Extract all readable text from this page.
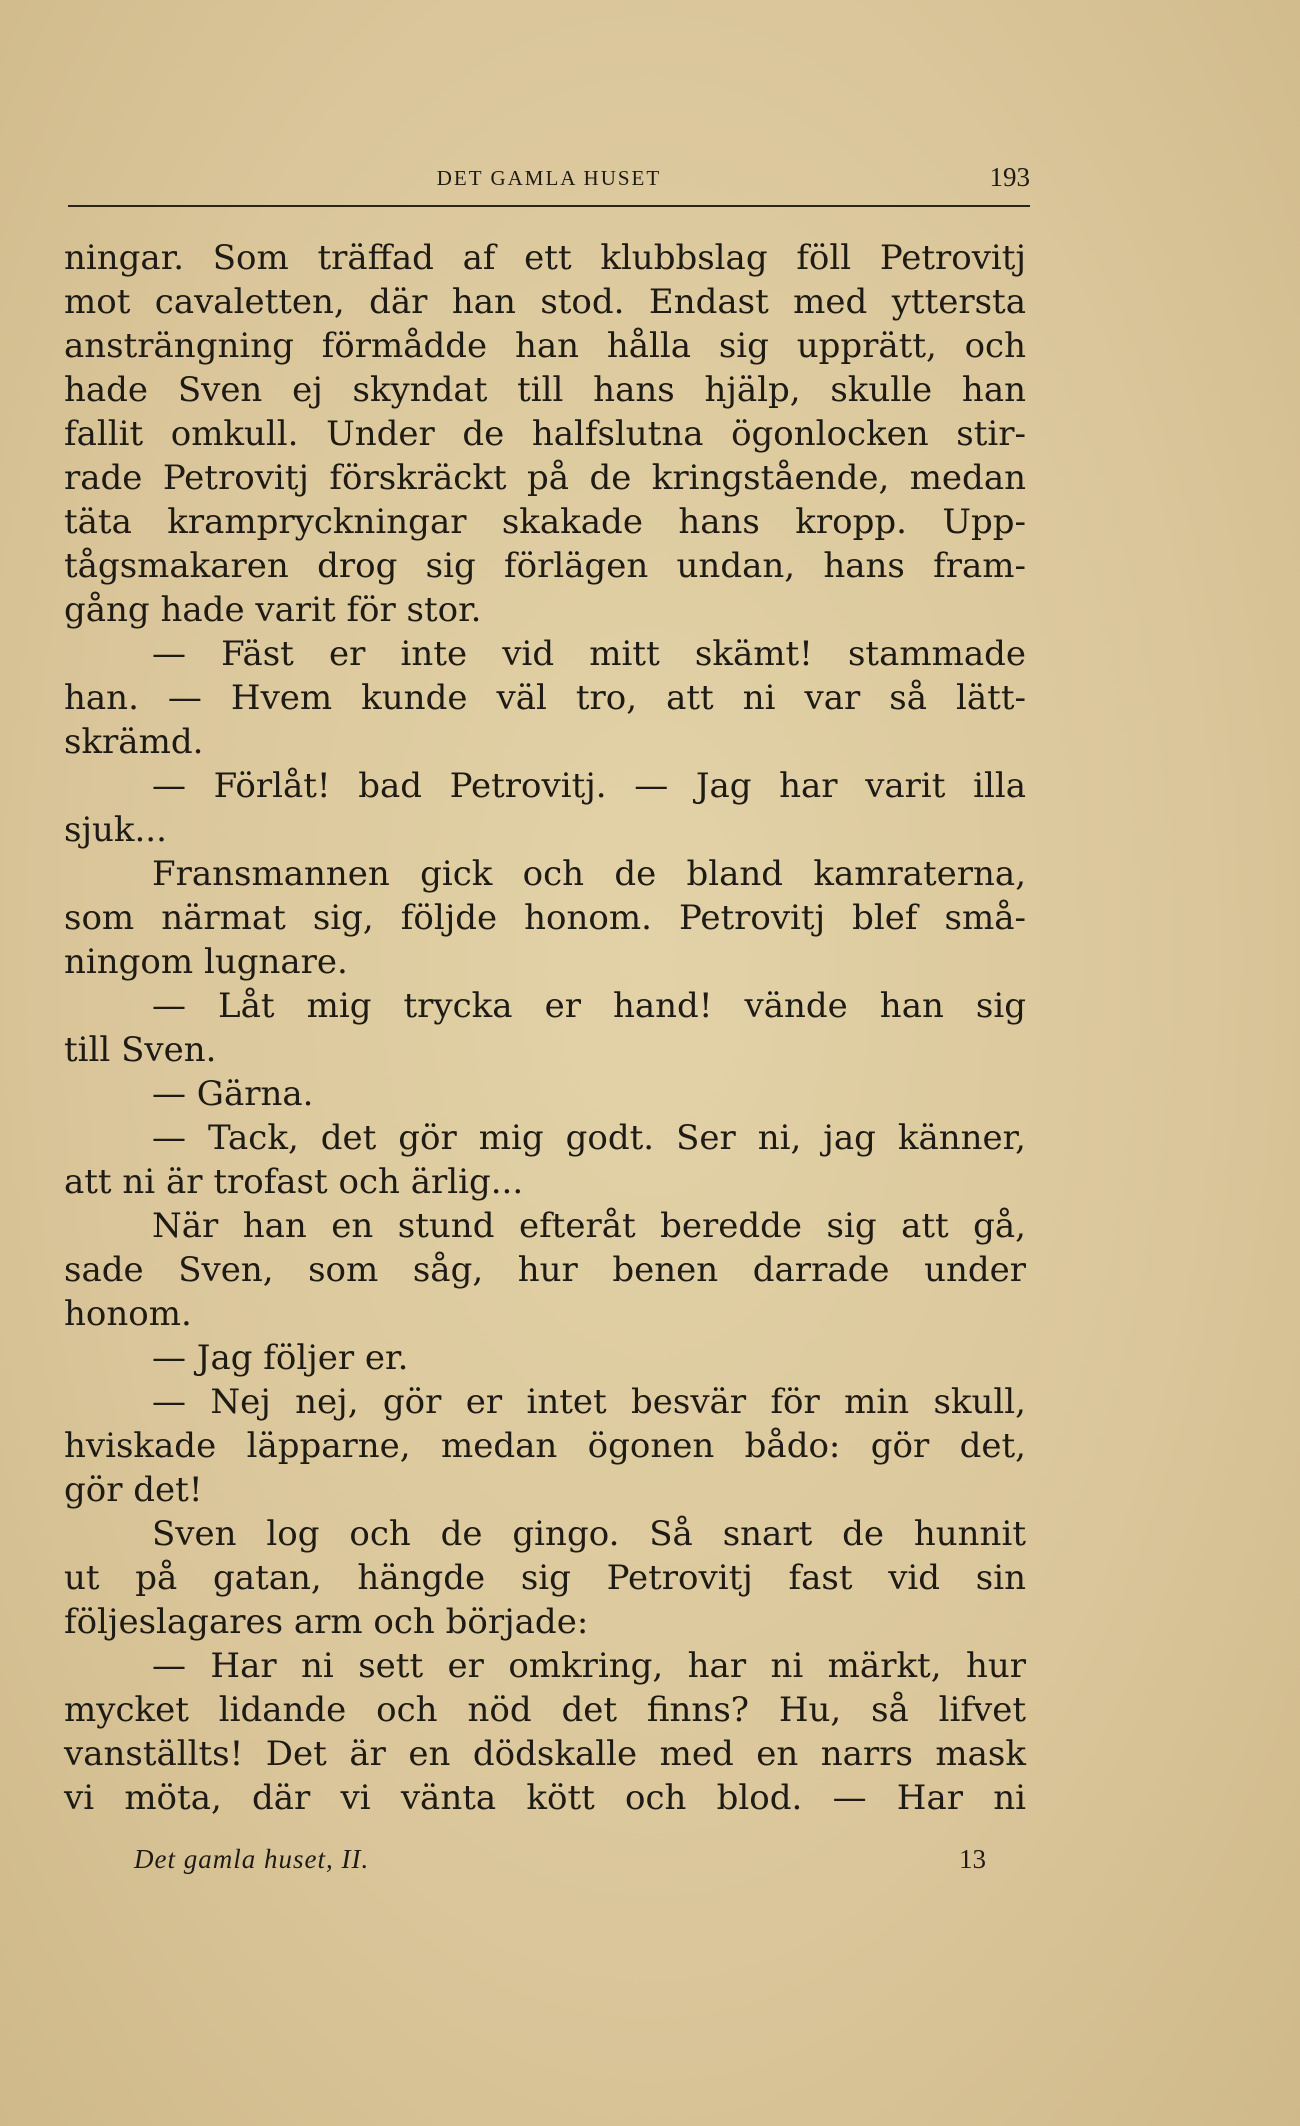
DET GAMLA HUSET	193
ningar. Som träffad af ett klubbslag föll Petrovitj
mot cavaletten, där han stod. Endast med yttersta
ansträngning förmådde han hålla sig upprätt, och
hade Sven ej skyndat till hans hjälp, skulle han
fallit omkull. Under de halfslutna ögonlocken stir-
rade Petrovitj förskräckt på de kringstående, medan
täta krampryckningar skakade hans kropp. Upp-
tågsmakaren drog sig förlägen undan, hans fram-
gång hade varit för stor.
— Fäst er inte vid mitt skämt! stammade
han. — Hvem kunde väl tro, att ni var så lätt-
skrämd.
— Förlåt! bad Petrovitj. — Jag har varit illa
sjuk...
Fransmannen gick och de bland kamraterna,
som närmat sig, följde honom. Petrovitj blef små-
ningom lugnare.
— Låt mig trycka er hand! vände han sig
till Sven.
— Gärna.
— Tack, det gör mig godt. Ser ni, jag känner,
att ni är trofast och ärlig...
När han en stund efteråt beredde sig att gå,
sade Sven, som såg, hur benen darrade under
honom.
— Jag följer er.
— Nej nej, gör er intet besvär för min skull,
hviskade läpparne, medan ögonen bådo: gör det,
gör det!
Sven log och de gingo. Så snart de hunnit
ut på gatan, hängde sig Petrovitj fast vid sin
följeslagares arm och började:
— Har ni sett er omkring, har ni märkt, hur
mycket lidande och nöd det finns? Hu, så lifvet
vanställts! Det är en dödskalle med en narrs mask
vi möta, där vi vänta kött och blod. — Har ni
Det gamla huset, II.	13
